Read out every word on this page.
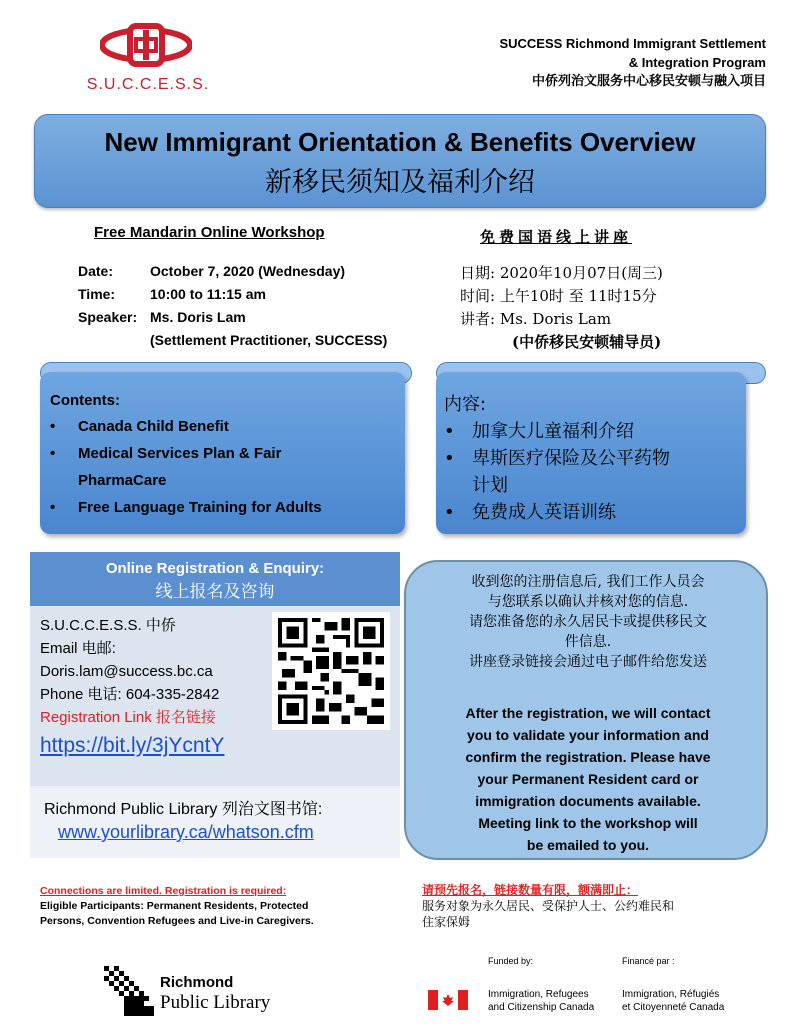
S.U.C.C.E.S.S.
SUCCESS Richmond Immigrant Settlement
& Integration Program
中侨列治文服务中心移民安顿与融入项目
New Immigrant Orientation & Benefits Overview
新移民须知及福利介绍
Free Mandarin Online Workshop	免费国语线上讲座
Date:	October 7, 2020 (Wednesday)
Time:	10:00 to 11:15 am
Speaker: Ms. Doris Lam
(Settlement Practitioner, SUCCESS)
日期:
2020年10月07日(周三)
时间:
上午10时 至 11时15分
讲者:
Ms. Doris Lam
(中侨移民安顿辅导员)
Contents:
•	Canada Child Benefit
•	Medical Services Plan & Fair
PharmaCare
•	Free Language Training for Adults
内容:
• 加拿大儿童福利介绍
• 卑斯医疗保险及公平药物
计划
• 免费成人英语训练
Online Registration & Enquiry:
线上报名及咨询
S.U.C.C.E.S.S. 中侨
Email 电邮:
Doris.lam@success.bc.ca
Phone 电话: 604-335-2842
Registration Link 报名链接
https://bit.ly/3jYcntY
Richmond Public Library 列治文图书馆:
www.yourlibrary.ca/whatson.cfm
收到您的注册信息后, 我们工作人员会
与您联系以确认并核对您的信息.
请您准备您的永久居民卡或提供移民文
件信息.
讲座登录链接会通过电子邮件给您发送
After the registration, we will contact
you to validate your information and
confirm the registration. Please have
your Permanent Resident card or
immigration documents available.
Meeting link to the workshop will
be emailed to you.
Connections are limited. Registration is required:
Eligible Participants: Permanent Residents, Protected
Persons, Convention Refugees and Live-in Caregivers.
请预先报名，链接数量有限，额满即止：
服务对象为永久居民、受保护人士、公约难民和
住家保姆
Richmond
Public Library
Funded by:	Financé par :
Immigration, Refugees
and Citizenship Canada
Immigration, Réfugiés
et Citoyenneté Canada
